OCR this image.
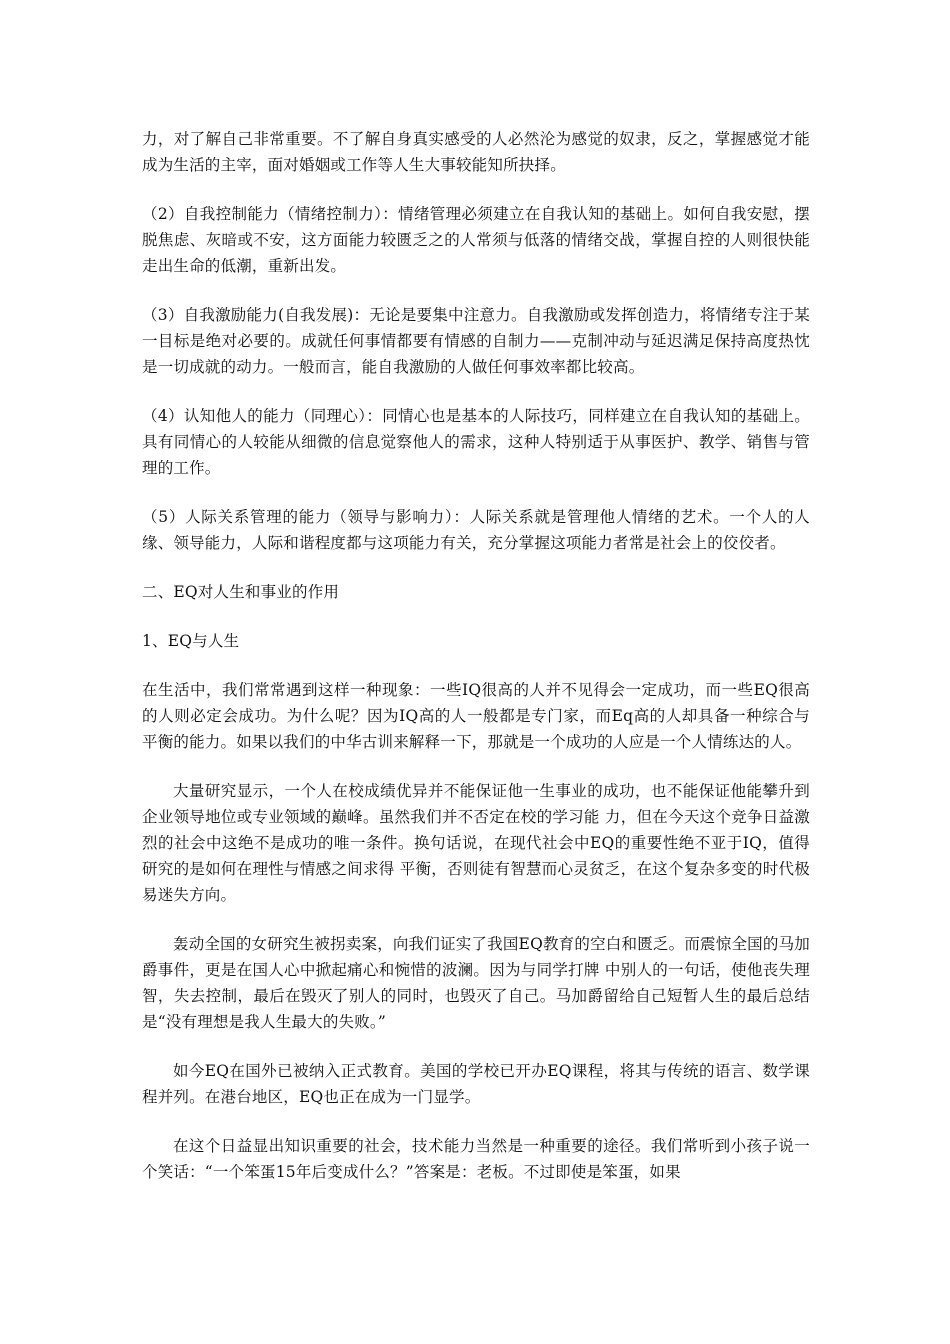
力，对了解自己非常重要。不了解自身真实感受的人必然沦为感觉的奴隶，反之，掌握感觉才能成为生活的主宰，面对婚姻或工作等人生大事较能知所抉择。

（2）自我控制能力（情绪控制力）：情绪管理必须建立在自我认知的基础上。如何自我安慰，摆脱焦虑、灰暗或不安，这方面能力较匮乏之的人常须与低落的情绪交战，掌握自控的人则很快能走出生命的低潮，重新出发。

（3）自我激励能力(自我发展)：无论是要集中注意力。自我激励或发挥创造力，将情绪专注于某一目标是绝对必要的。成就任何事情都要有情感的自制力——克制冲动与延迟满足保持高度热忱是一切成就的动力。一般而言，能自我激励的人做任何事效率都比较高。

（4）认知他人的能力（同理心）：同情心也是基本的人际技巧，同样建立在自我认知的基础上。具有同情心的人较能从细微的信息觉察他人的需求，这种人特别适于从事医护、教学、销售与管理的工作。

（5）人际关系管理的能力（领导与影响力）：人际关系就是管理他人情绪的艺术。一个人的人缘、领导能力，人际和谐程度都与这项能力有关，充分掌握这项能力者常是社会上的佼佼者。

二、EQ对人生和事业的作用

1、EQ与人生

在生活中，我们常常遇到这样一种现象：一些IQ很高的人并不见得会一定成功，而一些EQ很高的人则必定会成功。为什么呢？因为IQ高的人一般都是专门家，而Eq高的人却具备一种综合与平衡的能力。如果以我们的中华古训来解释一下，那就是一个成功的人应是一个人情练达的人。

大量研究显示，一个人在校成绩优异并不能保证他一生事业的成功，也不能保证他能攀升到企业领导地位或专业领域的巅峰。虽然我们并不否定在校的学习能 力，但在今天这个竞争日益激烈的社会中这绝不是成功的唯一条件。换句话说，在现代社会中EQ的重要性绝不亚于IQ，值得研究的是如何在理性与情感之间求得 平衡，否则徒有智慧而心灵贫乏，在这个复杂多变的时代极易迷失方向。

轰动全国的女研究生被拐卖案，向我们证实了我国EQ教育的空白和匮乏。而震惊全国的马加爵事件，更是在国人心中掀起痛心和惋惜的波澜。因为与同学打牌 中别人的一句话，使他丧失理智，失去控制，最后在毁灭了别人的同时，也毁灭了自己。马加爵留给自己短暂人生的最后总结是“没有理想是我人生最大的失败。”

如今EQ在国外已被纳入正式教育。美国的学校已开办EQ课程，将其与传统的语言、数学课程并列。在港台地区，EQ也正在成为一门显学。

在这个日益显出知识重要的社会，技术能力当然是一种重要的途径。我们常听到小孩子说一个笑话：“一个笨蛋15年后变成什么？”答案是：老板。不过即使是笨蛋，如果
